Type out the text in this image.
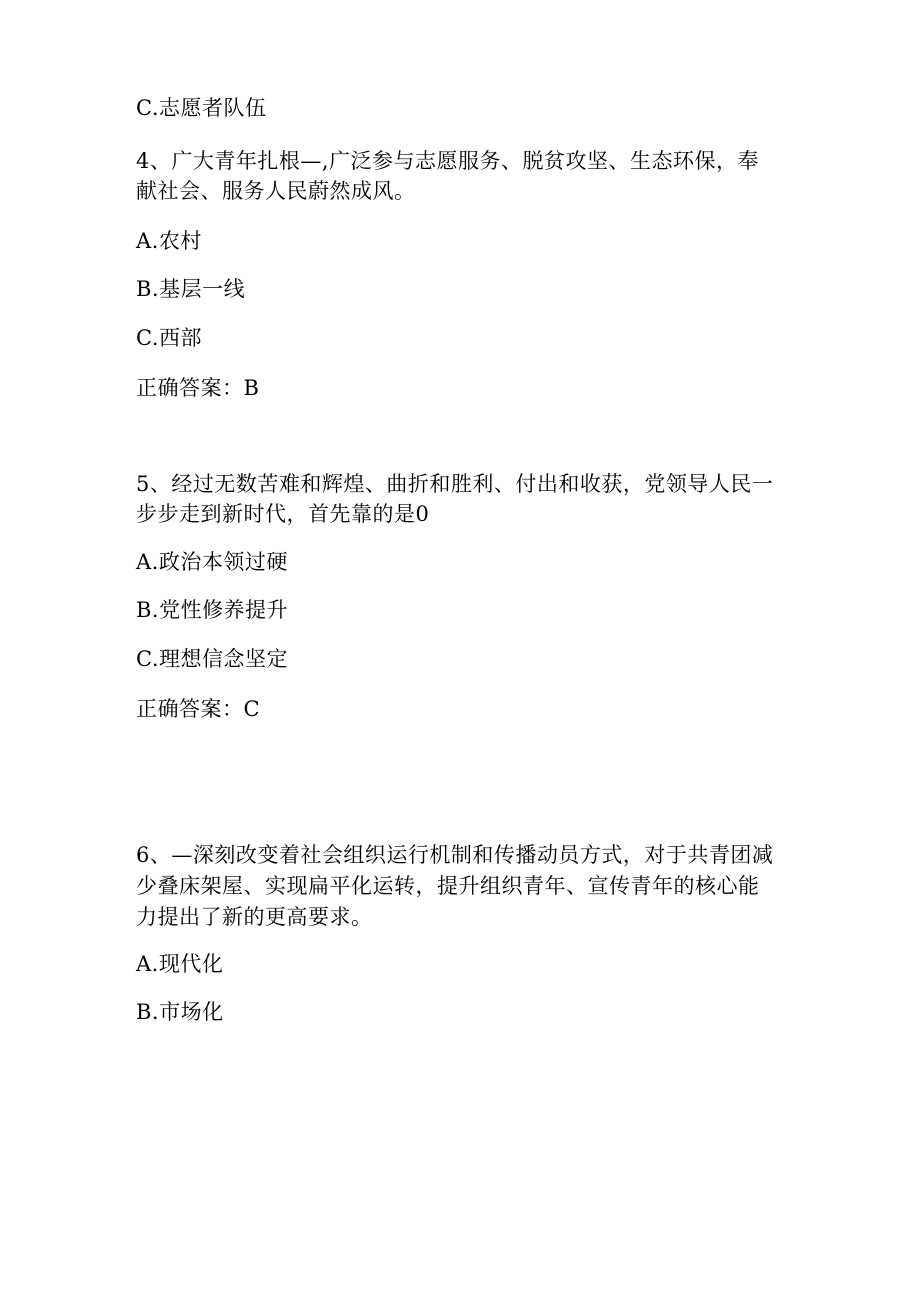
C.志愿者队伍
4、广大青年扎根—,广泛参与志愿服务、脱贫攻坚、生态环保，奉
献社会、服务人民蔚然成风。
A.农村
B.基层一线
C.西部
正确答案：B
5、经过无数苦难和辉煌、曲折和胜利、付出和收获，党领导人民一
步步走到新时代，首先靠的是0
A.政治本领过硬
B.党性修养提升
C.理想信念坚定
正确答案：C
6、—深刻改变着社会组织运行机制和传播动员方式，对于共青团减
少叠床架屋、实现扁平化运转，提升组织青年、宣传青年的核心能
力提出了新的更高要求。
A.现代化
B.市场化
